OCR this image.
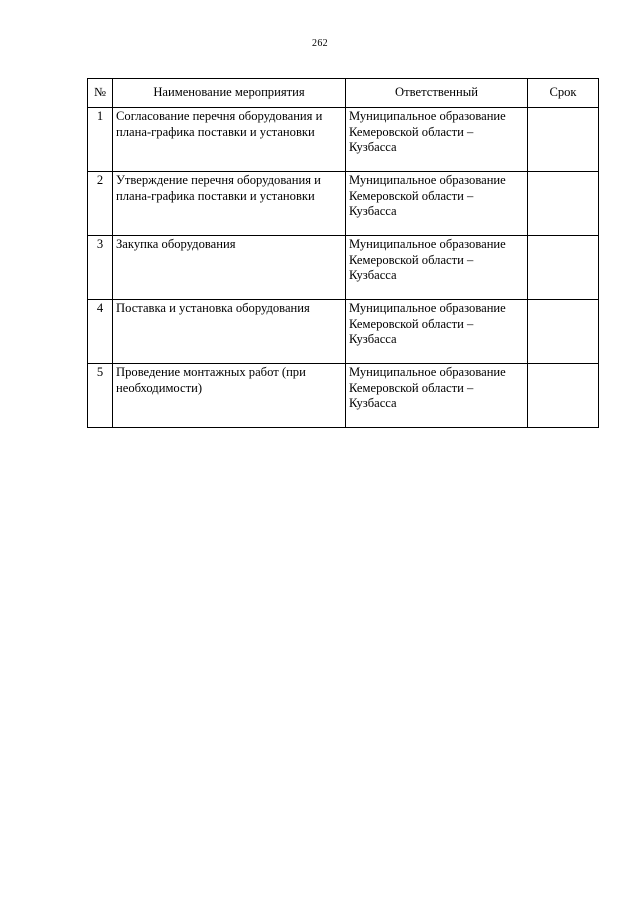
262
№	Наименование мероприятия	Ответственный	Срок
1	Согласование перечня оборудования и плана-графика поставки и установки	Муниципальное образование Кемеровской области – Кузбасса	
2	Утверждение перечня оборудования и плана-графика поставки и установки	Муниципальное образование Кемеровской области – Кузбасса	
3	Закупка оборудования	Муниципальное образование Кемеровской области – Кузбасса	
4	Поставка и установка оборудования	Муниципальное образование Кемеровской области – Кузбасса	
5	Проведение монтажных работ (при необходимости)	Муниципальное образование Кемеровской области – Кузбасса	
